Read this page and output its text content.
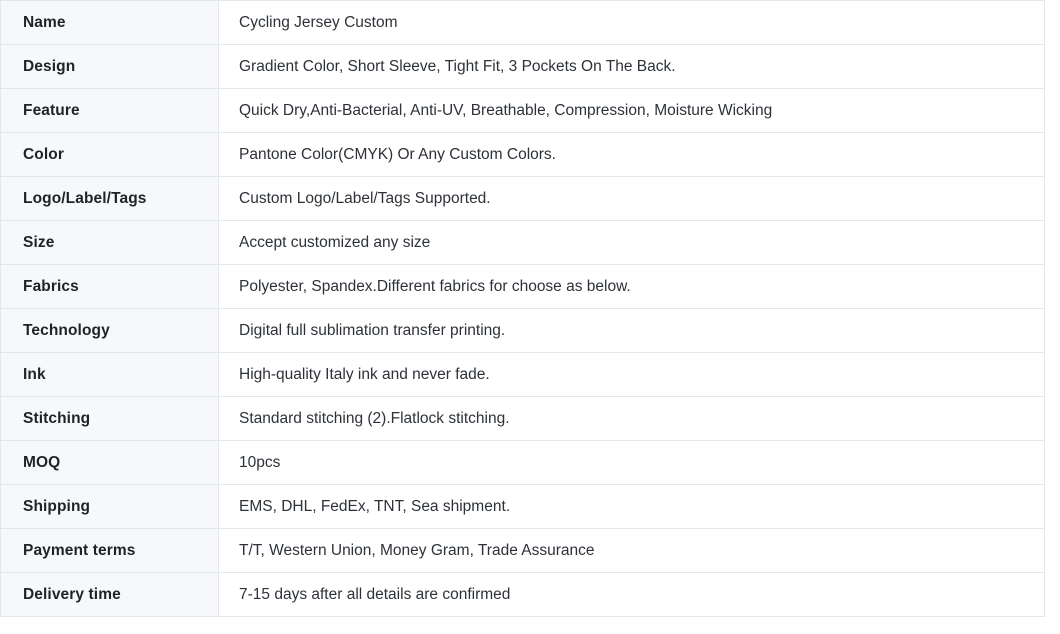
Name	Cycling Jersey Custom
Design	Gradient Color, Short Sleeve, Tight Fit, 3 Pockets On The Back.
Feature	Quick Dry,Anti-Bacterial, Anti-UV, Breathable, Compression, Moisture Wicking
Color	Pantone Color(CMYK) Or Any Custom Colors.
Logo/Label/Tags	Custom Logo/Label/Tags Supported.
Size	Accept customized any size
Fabrics	Polyester, Spandex.Different fabrics for choose as below.
Technology	Digital full sublimation transfer printing.
Ink	High-quality Italy ink and never fade.
Stitching	Standard stitching (2).Flatlock stitching.
MOQ	10pcs
Shipping	EMS, DHL, FedEx, TNT, Sea shipment.
Payment terms	T/T, Western Union, Money Gram, Trade Assurance
Delivery time	7-15 days after all details are confirmed
